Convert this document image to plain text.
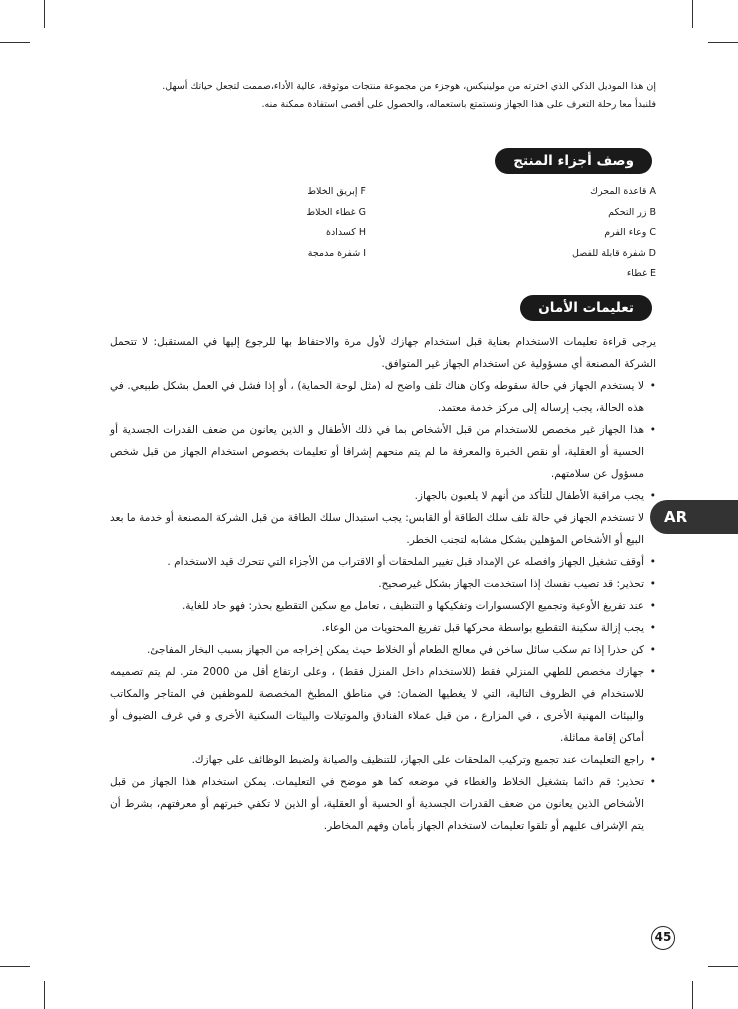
إن هذا الموديل الذكي الذي اخترته من مولينيكس، هوجزء من مجموعة منتجات موثوقة، عالية الأداء،صممت لتجعل حياتك أسهل.

فلنبدأ معا رحلة التعرف على هذا الجهاز ونستمتع باستعماله، والحصول على أقصى استفادة ممكنة منه.

وصف أجزاء المنتج
A قاعدة المحرك
B زر التحكم
C وعاء الفرم
D شفرة قابلة للفصل
E غطاء
F إبريق الخلاط
G غطاء الخلاط
H كسدادة
I شفرة مدمجة
تعليمات الأمان

يرجى قراءة تعليمات الاستخدام بعناية قبل استخدام جهازك لأول مرة والاحتفاظ بها للرجوع إليها في المستقبل: لا تتحمل الشركة المصنعة أي مسؤولية عن استخدام الجهاز غير المتوافق.

• لا يستخدم الجهاز في حالة سقوطه وكان هناك تلف واضح له (مثل لوحة الحماية) ، أو إذا فشل في العمل بشكل طبيعي. في هذه الحالة، يجب إرساله إلى مركز خدمة معتمد.
• هذا الجهاز غير مخصص للاستخدام من قبل الأشخاص بما في ذلك الأطفال و الذين يعانون من ضعف القدرات الجسدية أو الحسية أو العقلية، أو نقص الخبرة والمعرفة ما لم يتم منحهم إشرافا أو تعليمات بخصوص استخدام الجهاز من قبل شخص مسؤول عن سلامتهم.
• يجب مراقبة الأطفال للتأكد من أنهم لا يلعبون بالجهاز.
• لا تستخدم الجهاز في حالة تلف سلك الطاقة أو القابس: يجب استبدال سلك الطاقة من قبل الشركة المصنعة أو خدمة ما بعد البيع أو الأشخاص المؤهلين بشكل مشابه لتجنب الخطر.
• أوقف تشغيل الجهاز وافصله عن الإمداد قبل تغيير الملحقات أو الاقتراب من الأجزاء التي تتحرك قيد الاستخدام .
• تحذير: قد تصيب نفسك إذا استخدمت الجهاز بشكل غيرصحيح.
• عند تفريغ الأوعية وتجميع الإكسسوارات وتفكيكها و التنظيف ، تعامل مع سكين التقطيع بحذر: فهو حاد للغاية.
• يجب إزالة سكينة التقطيع بواسطة محركها قبل تفريغ المحتويات من الوعاء.
• كن حذرا إذا تم سكب سائل ساخن في معالج الطعام أو الخلاط حيث يمكن إخراجه من الجهاز بسبب البخار المفاجئ.
• جهازك مخصص للطهي المنزلي فقط (للاستخدام داخل المنزل فقط) ، وعلى ارتفاع أقل من 2000 متر. لم يتم تصميمه للاستخدام في الظروف التالية، التي لا يغطيها الضمان: في مناطق المطبخ المخصصة للموظفين في المتاجر والمكاتب والبيئات المهنية الأخرى ، في المزارع ، من قبل عملاء الفنادق والموتيلات والبيئات السكنية الأخرى و في غرف الضيوف أو أماكن إقامة مماثلة.
• راجع التعليمات عند تجميع وتركيب الملحقات على الجهاز، للتنظيف والصيانة ولضبط الوظائف على جهازك.
• تحذير: قم دائما بتشغيل الخلاط والغطاء في موضعه كما هو موضح في التعليمات. يمكن استخدام هذا الجهاز من قبل الأشخاص الذين يعانون من ضعف القدرات الجسدية أو الحسية أو العقلية، أو الذين لا تكفي خبرتهم أو معرفتهم، بشرط أن يتم الإشراف عليهم أو تلقوا تعليمات لاستخدام الجهاز بأمان وفهم المخاطر.
AR
45
